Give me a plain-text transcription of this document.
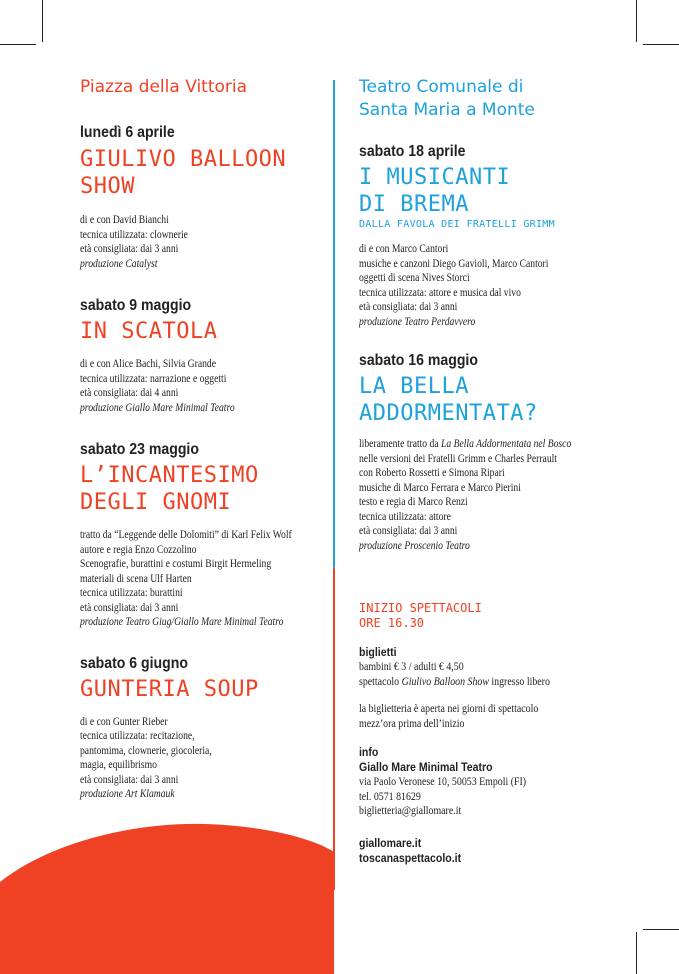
Piazza della Vittoria
lunedì 6 aprile
GIULIVO BALLOON
SHOW
di e con David Bianchi
tecnica utilizzata: clownerie
età consigliata: dai 3 anni
produzione Catalyst
sabato 9 maggio
IN SCATOLA
di e con Alice Bachi, Silvia Grande
tecnica utilizzata: narrazione e oggetti
età consigliata: dai 4 anni
produzione Giallo Mare Minimal Teatro
sabato 23 maggio
L’INCANTESIMO
DEGLI GNOMI
tratto da “Leggende delle Dolomiti” di Karl Felix Wolf
autore e regia Enzo Cozzolino
Scenografie, burattini e costumi Birgit Hermeling
materiali di scena Ulf Harten
tecnica utilizzata: burattini
età consigliata: dai 3 anni
produzione Teatro Giug/Giallo Mare Minimal Teatro
sabato 6 giugno
GUNTERIA SOUP
di e con Gunter Rieber
tecnica utilizzata: recitazione,
pantomima, clownerie, giocoleria,
magia, equilibrismo
età consigliata: dai 3 anni
produzione Art Klamauk
Teatro Comunale di
Santa Maria a Monte
sabato 18 aprile
I MUSICANTI
DI BREMA
DALLA FAVOLA DEI FRATELLI GRIMM
di e con Marco Cantori
musiche e canzoni Diego Gavioli, Marco Cantori
oggetti di scena Nives Storci
tecnica utilizzata: attore e musica dal vivo
età consigliata: dai 3 anni
produzione Teatro Perdavvero
sabato 16 maggio
LA BELLA
ADDORMENTATA?
liberamente tratto da La Bella Addormentata nel Bosco
nelle versioni dei Fratelli Grimm e Charles Perrault
con Roberto Rossetti e Simona Ripari
musiche di Marco Ferrara e Marco Pierini
testo e regia di Marco Renzi
tecnica utilizzata: attore
età consigliata: dai 3 anni
produzione Proscenio Teatro
INIZIO SPETTACOLI
ORE 16.30
biglietti
bambini € 3 / adulti € 4,50
spettacolo Giulivo Balloon Show ingresso libero
la biglietteria è aperta nei giorni di spettacolo
mezz’ora prima dell’inizio
info
Giallo Mare Minimal Teatro
via Paolo Veronese 10, 50053 Empoli (FI)
tel. 0571 81629
biglietteria@giallomare.it
giallomare.it
toscanaspettacolo.it
